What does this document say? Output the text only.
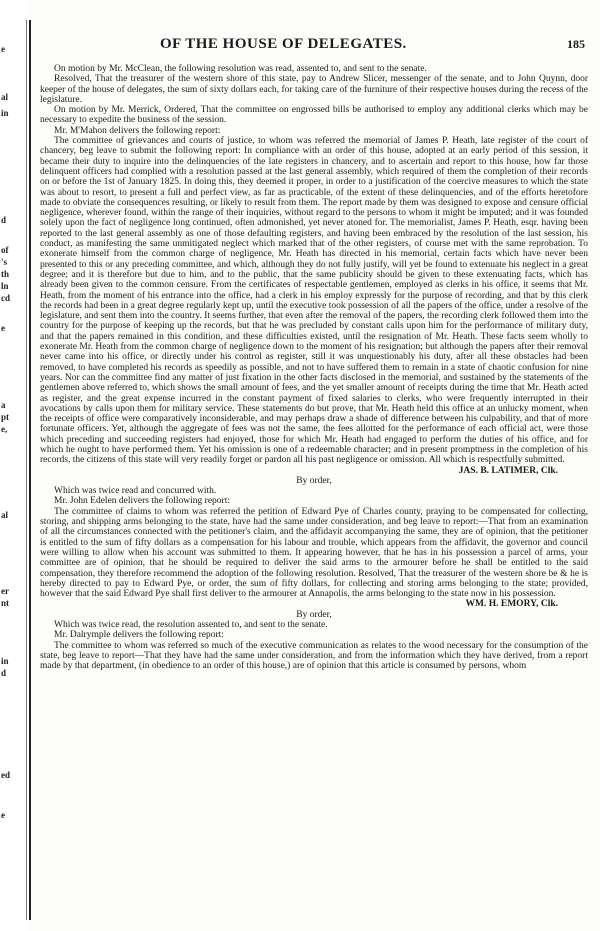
e
al
in
d
of
's
th
ln
cd
e
a
pt
e,
al
er
nt
in
d
ed
e
OF THE HOUSE OF DELEGATES.	185

On motion by Mr. McClean, the following resolution was read, assented to, and sent to the senate.

Resolved, That the treasurer of the western shore of this state, pay to Andrew Slicer, messenger of the senate, and to John Quynn, door keeper of the house of delegates, the sum of sixty dollars each, for taking care of the furniture of their respective houses during the recess of the legislature.

On motion by Mr. Merrick, Ordered, That the committee on engrossed bills be authorised to employ any additional clerks which may be necessary to expedite the business of the session.

Mr. M'Mahon delivers the following report:

The committee of grievances and courts of justice, to whom was referred the memorial of James P. Heath, late register of the court of chancery, beg leave to submit the following report: In compliance with an order of this house, adopted at an early period of this session, it became their duty to inquire into the delinquencies of the late registers in chancery, and to ascertain and report to this house, how far those delinquent officers had complied with a resolution passed at the last general assembly, which required of them the completion of their records on or before the 1st of January 1825. In doing this, they deemed it proper, in order to a justification of the coercive measures to which the state was about to resort, to present a full and perfect view, as far as practicable, of the extent of these delinquencies, and of the efforts heretofore made to obviate the consequences resulting, or likely to result from them. The report made by them was designed to expose and censure official negligence, wherever found, within the range of their inquiries, without regard to the persons to whom it might be imputed; and it was founded solely upon the fact of negligence long continued, often admonished, yet never atoned for. The memorialist, James P. Heath, esqr. having been reported to the last general assembly as one of those defaulting registers, and having been embraced by the resolution of the last session, his conduct, as manifesting the same unmitigated neglect which marked that of the other registers, of course met with the same reprobation. To exonerate himself from the common charge of negligence, Mr. Heath has directed in his memorial, certain facts which have never been presented to this or any preceding committee, and which, although they do not fully justify, will yet be found to extenuate his neglect in a great degree; and it is therefore but due to him, and to the public, that the same publicity should be given to these extenuating facts, which has already been given to the common censure. From the certificates of respectable gentlemen, employed as clerks in his office, it seems that Mr. Heath, from the moment of his entrance into the office, had a clerk in his employ expressly for the purpose of recording, and that by this clerk the records had been in a great degree regularly kept up, until the executive took possession of all the papers of the office, under a resolve of the legislature, and sent them into the country. It seems further, that even after the removal of the papers, the recording clerk followed them into the country for the purpose of keeping up the records, but that he was precluded by constant calls upon him for the performance of military duty, and that the papers remained in this condition, and these difficulties existed, until the resignation of Mr. Heath. These facts seem wholly to exonerate Mr. Heath from the common charge of negligence down to the moment of his resignation; but although the papers after their removal never came into his office, or directly under his control as register, still it was unquestionably his duty, after all these obstacles had been removed, to have completed his records as speedily as possible, and not to have suffered them to remain in a state of chaotic confusion for nine years. Nor can the committee find any matter of just fixation in the other facts disclosed in the memorial, and sustained by the statements of the gentlemen above referred to, which shows the small amount of fees, and the yet smaller amount of receipts during the time that Mr. Heath acted as register, and the great expense incurred in the constant payment of fixed salaries to clerks, who were frequently interrupted in their avocations by calls upon them for military service. These statements do but prove, that Mr. Heath held this office at an unlucky moment, when the receipts of office were comparatively inconsiderable, and may perhaps draw a shade of difference between his culpability, and that of more fortunate officers. Yet, although the aggregate of fees was not the same, the fees allotted for the performance of each official act, were those which preceding and succeeding registers had enjoyed, those for which Mr. Heath had engaged to perform the duties of his office, and for which he ought to have performed them. Yet his omission is one of a redeemable character; and in present promptness in the completion of his records, the citizens of this state will very readily forget or pardon all his past negligence or omission. All which is respectfully submitted.

JAS. B. LATIMER, Clk.

By order,

Which was twice read and concurred with.

Mr. John Edelen delivers the following report:

The committee of claims to whom was referred the petition of Edward Pye of Charles county, praying to be compensated for collecting, storing, and shipping arms belonging to the state, have had the same under consideration, and beg leave to report:—That from an examination of all the circumstances connected with the petitioner's claim, and the affidavit accompanying the same, they are of opinion, that the petitioner is entitled to the sum of fifty dollars as a compensation for his labour and trouble, which appears from the affidavit, the governor and council were willing to allow when his account was submitted to them. It appearing however, that he has in his possession a parcel of arms, your committee are of opinion, that he should be required to deliver the said arms to the armourer before he shall be entitled to the said compensation, they therefore recommend the adoption of the following resolution. Resolved, That the treasurer of the western shore be & he is hereby directed to pay to Edward Pye, or order, the sum of fifty dollars, for collecting and storing arms belonging to the state; provided, however that the said Edward Pye shall first deliver to the armourer at Annapolis, the arms belonging to the state now in his possession.

WM. H. EMORY, Clk.

By order,

Which was twice read, the resolution assented to, and sent to the senate.

Mr. Dalrymple delivers the following report:

The committee to whom was referred so much of the executive communication as relates to the wood necessary for the consumption of the state, beg leave to report—That they have had the same under consideration, and from the information which they have derived, from a report made by that department, (in obedience to an order of this house,) are of opinion that this article is consumed by persons, whom
